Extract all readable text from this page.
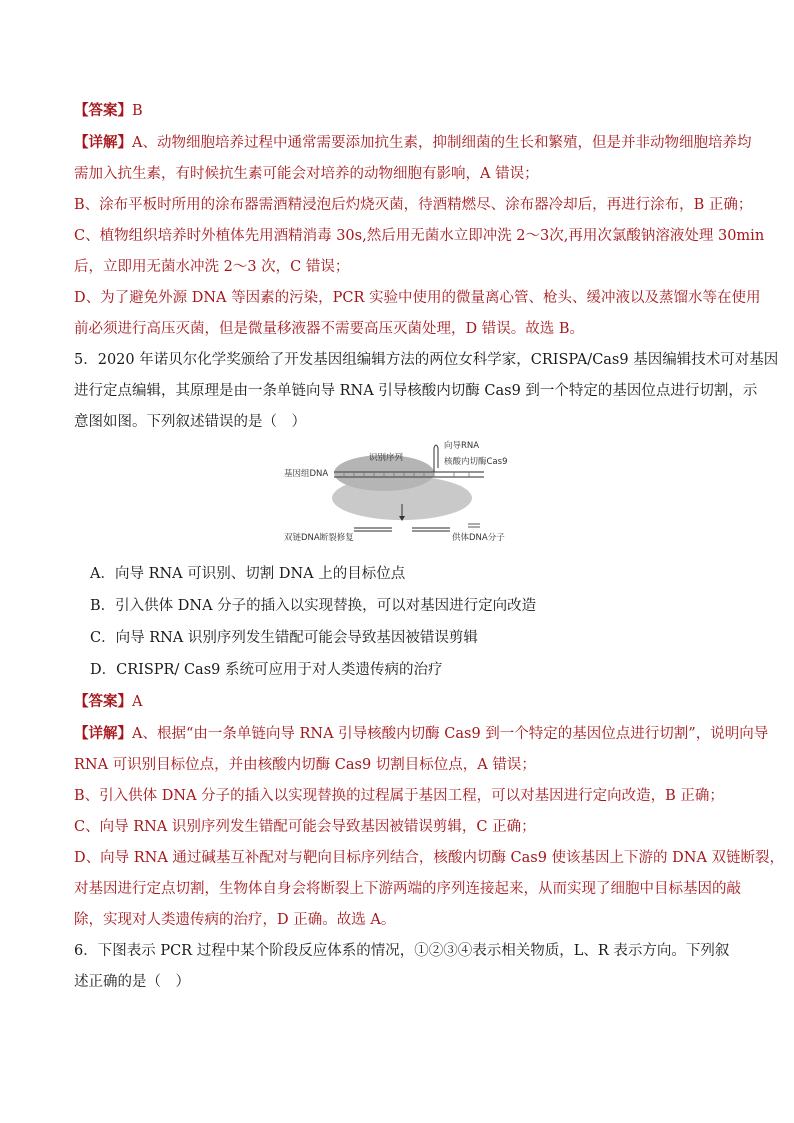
【答案】B
【详解】A、动物细胞培养过程中通常需要添加抗生素，抑制细菌的生长和繁殖，但是并非动物细胞培养均
需加入抗生素，有时候抗生素可能会对培养的动物细胞有影响，A 错误；
B、涂布平板时所用的涂布器需酒精浸泡后灼烧灭菌，待酒精燃尽、涂布器冷却后，再进行涂布，B 正确；
C、植物组织培养时外植体先用酒精消毒 30s,然后用无菌水立即冲洗 2～3次,再用次氯酸钠溶液处理 30min
后，立即用无菌水冲洗 2～3 次，C 错误；
D、为了避免外源 DNA 等因素的污染，PCR 实验中使用的微量离心管、枪头、缓冲液以及蒸馏水等在使用
前必须进行高压灭菌，但是微量移液器不需要高压灭菌处理，D 错误。故选 B。
5．2020 年诺贝尔化学奖颁给了开发基因组编辑方法的两位女科学家，CRISPA/Cas9 基因编辑技术可对基因
进行定点编辑，其原理是由一条单链向导 RNA 引导核酸内切酶 Cas9 到一个特定的基因位点进行切割，示
意图如图。下列叙述错误的是（　）
基因组DNA
识别序列
向导RNA
核酸内切酶Cas9
双链DNA断裂修复	供体DNA分子
A．向导 RNA 可识别、切割 DNA 上的目标位点
B．引入供体 DNA 分子的插入以实现替换，可以对基因进行定向改造
C．向导 RNA 识别序列发生错配可能会导致基因被错误剪辑
D．CRISPR/ Cas9 系统可应用于对人类遗传病的治疗
【答案】A
【详解】A、根据“由一条单链向导 RNA 引导核酸内切酶 Cas9 到一个特定的基因位点进行切割”，说明向导
RNA 可识别目标位点，并由核酸内切酶 Cas9 切割目标位点，A 错误；
B、引入供体 DNA 分子的插入以实现替换的过程属于基因工程，可以对基因进行定向改造，B 正确；
C、向导 RNA 识别序列发生错配可能会导致基因被错误剪辑，C 正确；
D、向导 RNA 通过碱基互补配对与靶向目标序列结合，核酸内切酶 Cas9 使该基因上下游的 DNA 双链断裂，
对基因进行定点切割，生物体自身会将断裂上下游两端的序列连接起来，从而实现了细胞中目标基因的敲
除，实现对人类遗传病的治疗，D 正确。故选 A。
6．下图表示 PCR 过程中某个阶段反应体系的情况，①②③④表示相关物质，L、R 表示方向。下列叙
述正确的是（　）
